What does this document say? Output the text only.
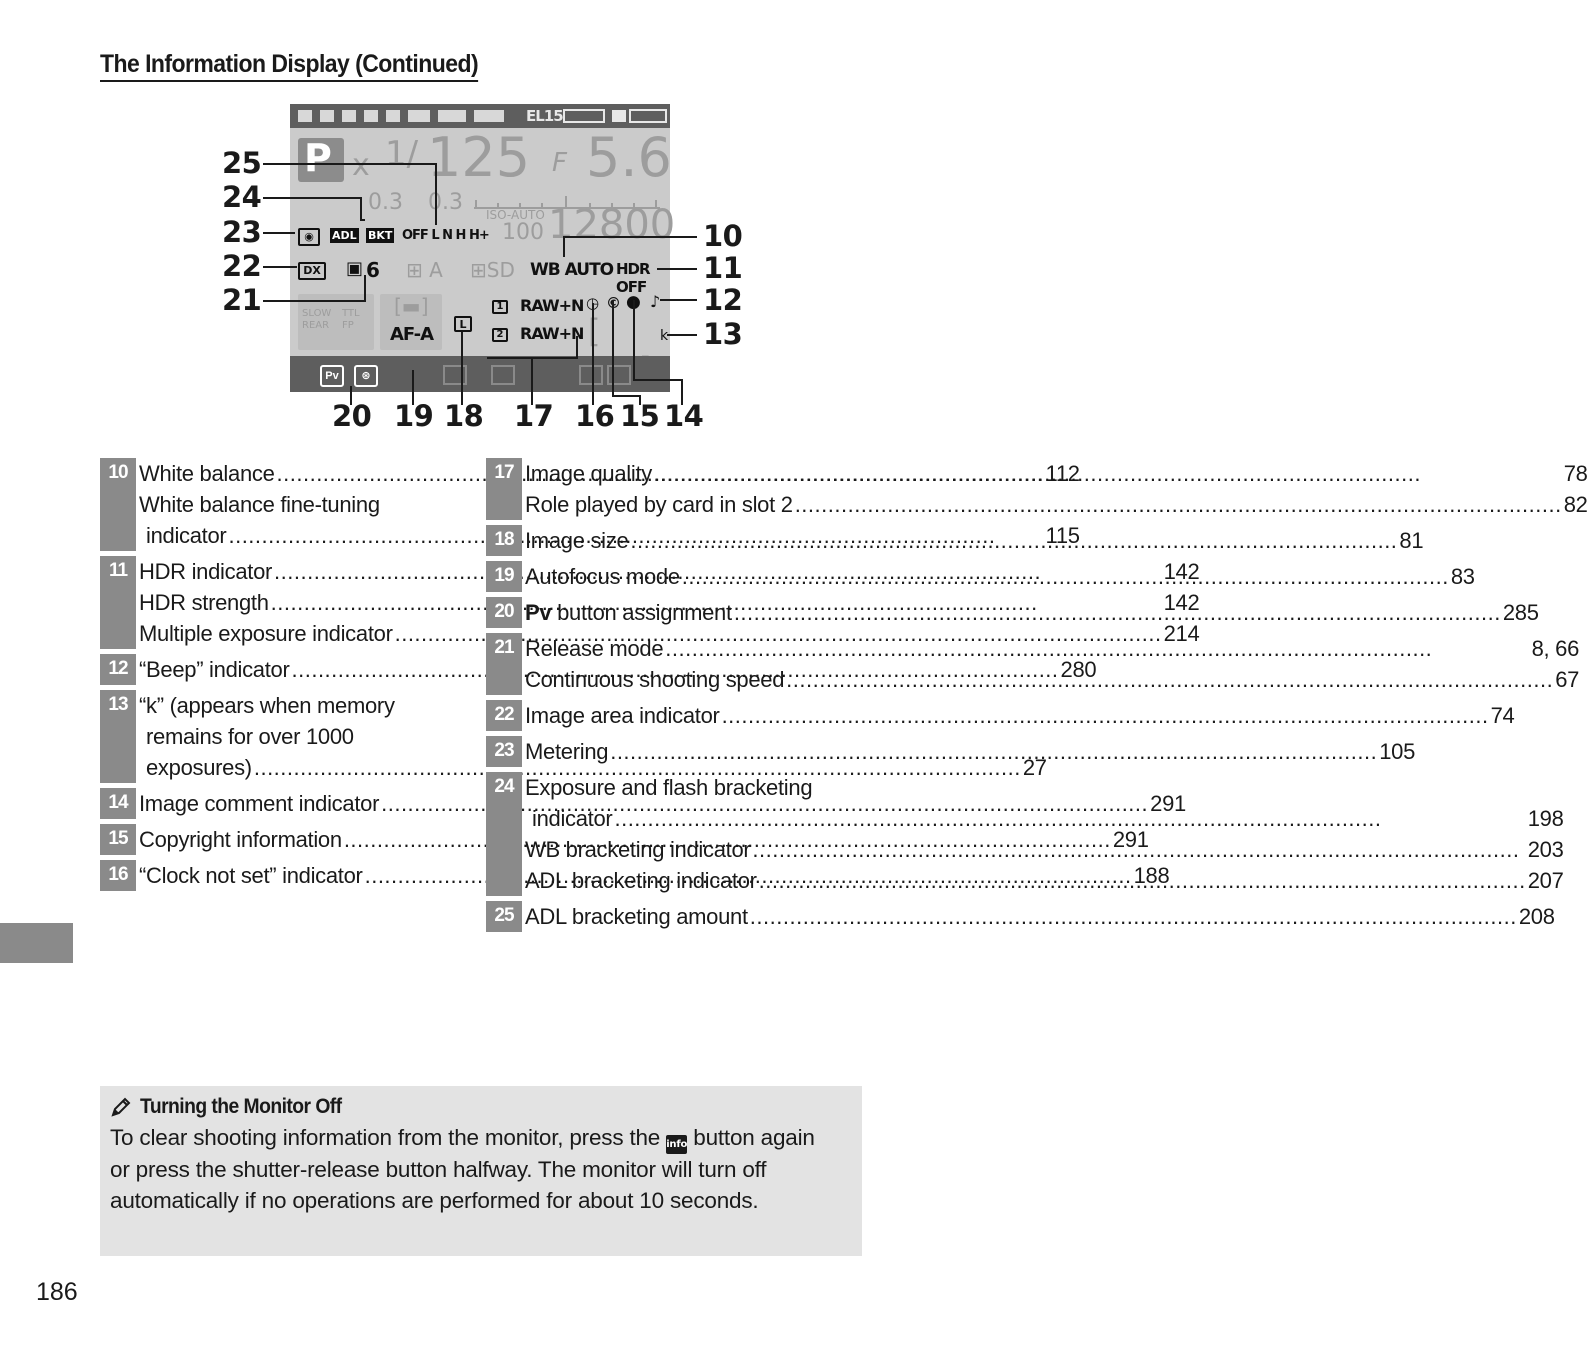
The Information Display (Continued)
EL15
P x 1/ 125 F 5.6
0.3 0.3 ISO-AUTO
100 12800
◉	ADL BKT OFF L N H H+
DX ▣ 6 ⊞ A ⊞SD WB AUTO HDR OFF
SLOW REAR
TTL FP
[▬]
AF-A	L
1 RAW+N
2 RAW+N
◷ © ● ♪
[	k
Pv	⊛
25
24
23
22
21
20 19 18 17 16 15 14
10
11
12
13
10 White balance .....	112
White balance fine-tuning
indicator .....	115
11 HDR indicator .....	142
HDR strength .....	142
Multiple exposure indicator .....	214
12 “Beep” indicator .....	280
13 “k” (appears when memory
remains for over 1000
exposures) .....	27
14 Image comment indicator .....	291
15 Copyright information .....	291
16 “Clock not set” indicator .....	188
17 Image quality .....	78
Role played by card in slot 2 .....	82
18 Image size .....	81
19 Autofocus mode .....	83
20 Pv button assignment .....	285
21 Release mode .....	8, 66
Continuous shooting speed .....	67
22 Image area indicator .....	74
23 Metering .....	105
24 Exposure and flash bracketing
indicator .....	198
WB bracketing indicator .....	203
ADL bracketing indicator .....	207
25 ADL bracketing amount .....	208
Turning the Monitor Off
To clear shooting information from the monitor, press the info button again or press the shutter-release button halfway. The monitor will turn off automatically if no operations are performed for about 10 seconds.
186
